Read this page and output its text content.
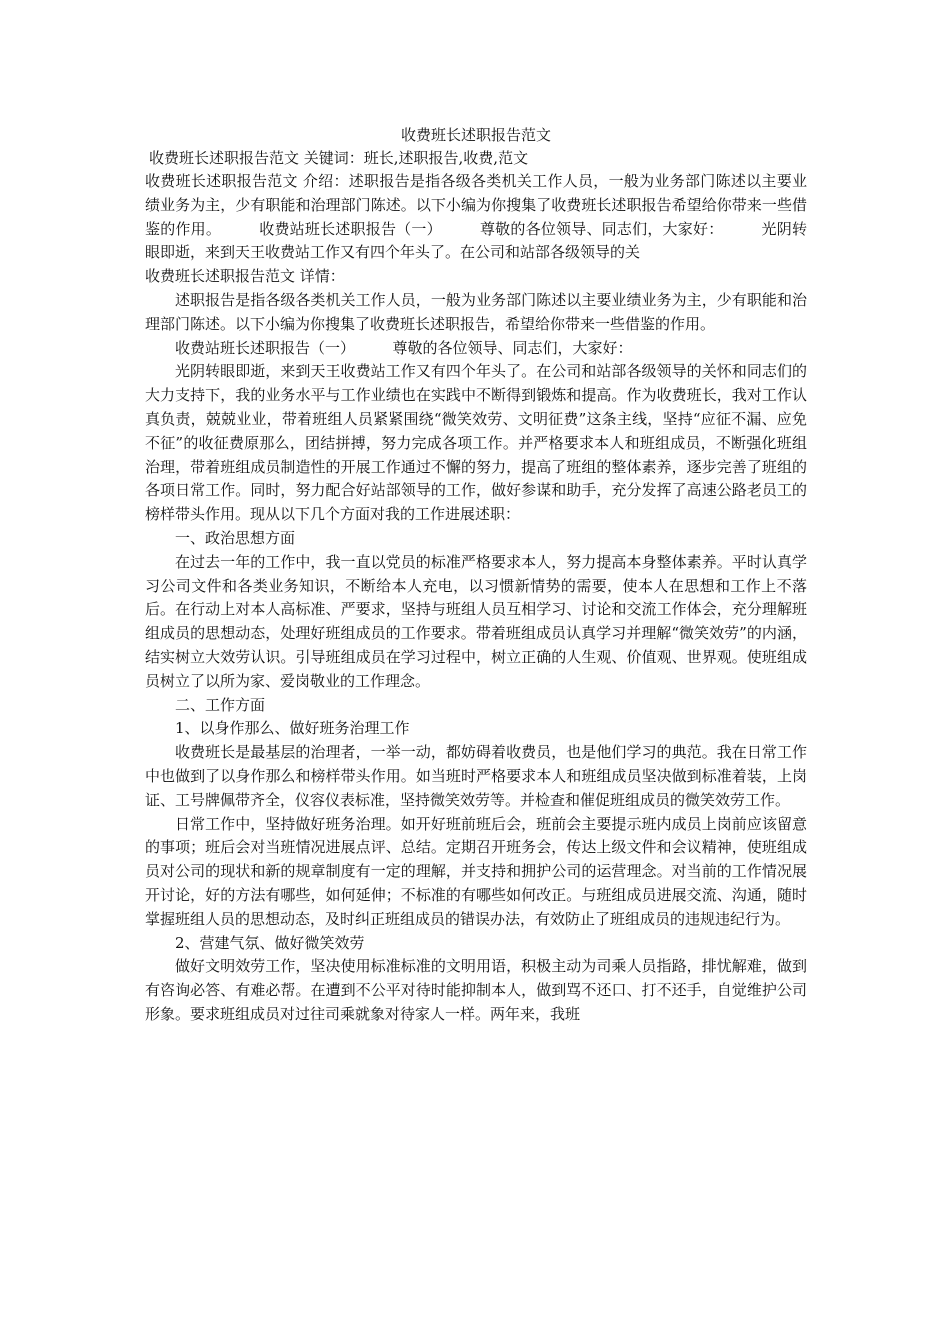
收费班长述职报告范文

收费班长述职报告范文 关键词：班长,述职报告,收费,范文

收费班长述职报告范文 介绍：述职报告是指各级各类机关工作人员，一般为业务部门陈述以主要业绩业务为主，少有职能和治理部门陈述。以下小编为你搜集了收费班长述职报告希望给你带来一些借鉴的作用。　　　收费站班长述职报告（一）　　　尊敬的各位领导、同志们，大家好：　　　光阴转眼即逝，来到天王收费站工作又有四个年头了。在公司和站部各级领导的关

收费班长述职报告范文 详情：

述职报告是指各级各类机关工作人员，一般为业务部门陈述以主要业绩业务为主，少有职能和治理部门陈述。以下小编为你搜集了收费班长述职报告，希望给你带来一些借鉴的作用。

收费站班长述职报告（一）　　　尊敬的各位领导、同志们，大家好：

光阴转眼即逝，来到天王收费站工作又有四个年头了。在公司和站部各级领导的关怀和同志们的大力支持下，我的业务水平与工作业绩也在实践中不断得到锻炼和提高。作为收费班长，我对工作认真负责，兢兢业业，带着班组人员紧紧围绕“微笑效劳、文明征费”这条主线，坚持“应征不漏、应免不征”的收征费原那么，团结拼搏，努力完成各项工作。并严格要求本人和班组成员，不断强化班组治理，带着班组成员制造性的开展工作通过不懈的努力，提高了班组的整体素养，逐步完善了班组的各项日常工作。同时，努力配合好站部领导的工作，做好参谋和助手，充分发挥了高速公路老员工的榜样带头作用。现从以下几个方面对我的工作进展述职：

一、政治思想方面

在过去一年的工作中，我一直以党员的标准严格要求本人，努力提高本身整体素养。平时认真学习公司文件和各类业务知识，不断给本人充电，以习惯新情势的需要，使本人在思想和工作上不落后。在行动上对本人高标准、严要求，坚持与班组人员互相学习、讨论和交流工作体会，充分理解班组成员的思想动态，处理好班组成员的工作要求。带着班组成员认真学习并理解“微笑效劳”的内涵，结实树立大效劳认识。引导班组成员在学习过程中，树立正确的人生观、价值观、世界观。使班组成员树立了以所为家、爱岗敬业的工作理念。

二、工作方面

1、以身作那么、做好班务治理工作

收费班长是最基层的治理者，一举一动，都妨碍着收费员，也是他们学习的典范。我在日常工作中也做到了以身作那么和榜样带头作用。如当班时严格要求本人和班组成员坚决做到标准着装，上岗证、工号牌佩带齐全，仪容仪表标准，坚持微笑效劳等。并检查和催促班组成员的微笑效劳工作。

日常工作中，坚持做好班务治理。如开好班前班后会，班前会主要提示班内成员上岗前应该留意的事项；班后会对当班情况进展点评、总结。定期召开班务会，传达上级文件和会议精神，使班组成员对公司的现状和新的规章制度有一定的理解，并支持和拥护公司的运营理念。对当前的工作情况展开讨论，好的方法有哪些，如何延伸；不标准的有哪些如何改正。与班组成员进展交流、沟通，随时掌握班组人员的思想动态，及时纠正班组成员的错误办法，有效防止了班组成员的违规违纪行为。

2、营建气氛、做好微笑效劳

做好文明效劳工作，坚决使用标准标准的文明用语，积极主动为司乘人员指路，排忧解难，做到有咨询必答、有难必帮。在遭到不公平对待时能抑制本人，做到骂不还口、打不还手，自觉维护公司形象。要求班组成员对过往司乘就象对待家人一样。两年来，我班
